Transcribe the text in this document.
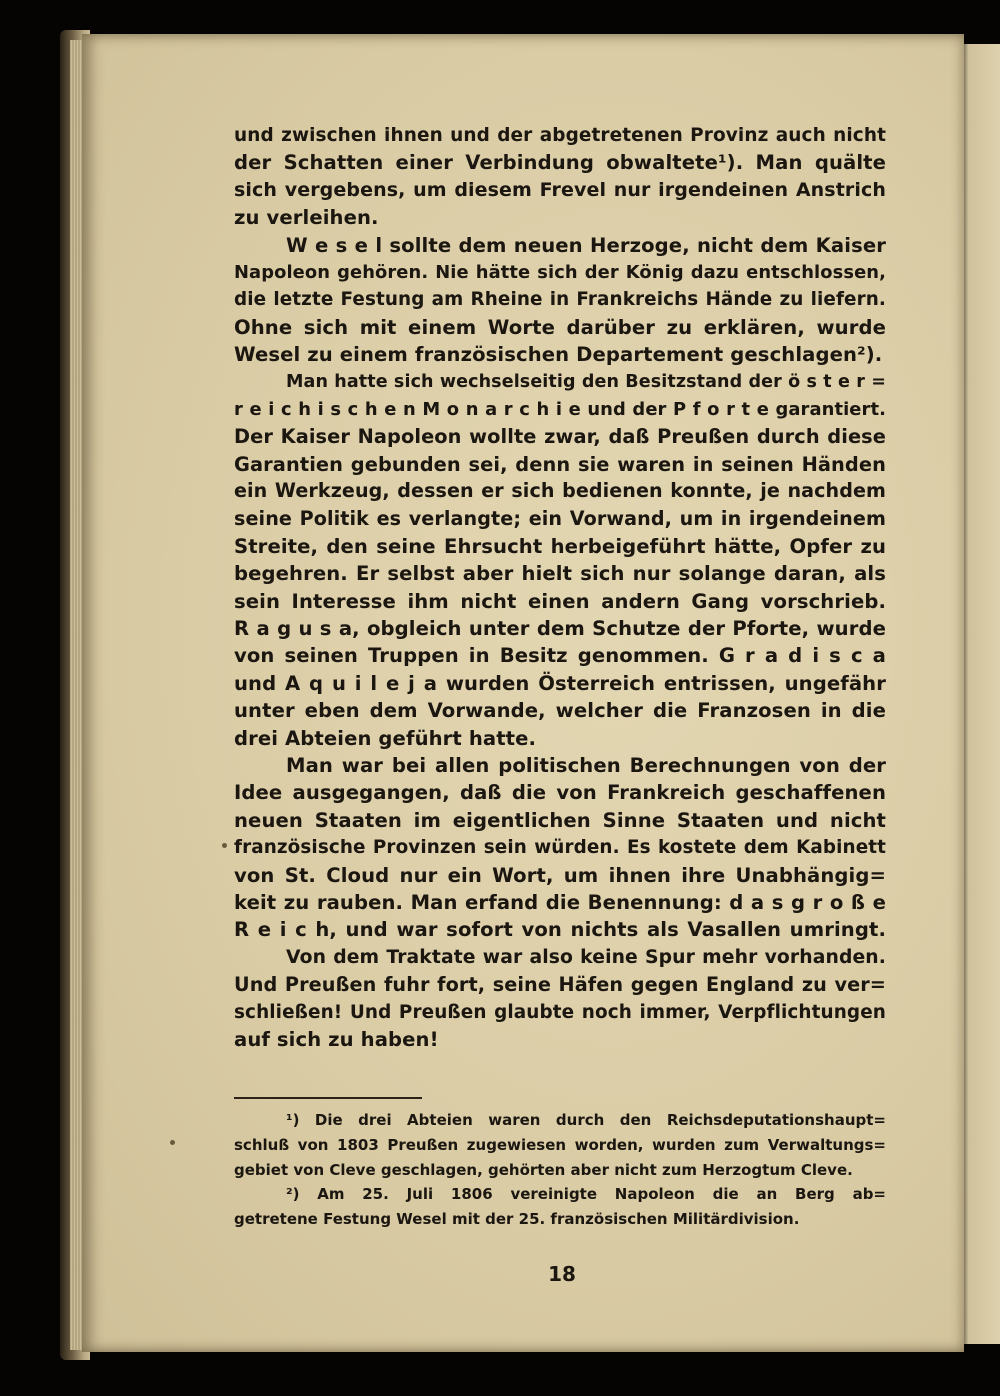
und zwischen ihnen und der abgetretenen Provinz auch nicht
der Schatten einer Verbindung obwaltete¹). Man quälte
sich vergebens, um diesem Frevel nur irgendeinen Anstrich
zu verleihen.
W e s e l sollte dem neuen Herzoge, nicht dem Kaiser
Napoleon gehören. Nie hätte sich der König dazu entschlossen,
die letzte Festung am Rheine in Frankreichs Hände zu liefern.
Ohne sich mit einem Worte darüber zu erklären, wurde
Wesel zu einem französischen Departement geschlagen²).
Man hatte sich wechselseitig den Besitzstand der ö s t e r =
r e i c h i s c h e n M o n a r c h i e und der P f o r t e garantiert.
Der Kaiser Napoleon wollte zwar, daß Preußen durch diese
Garantien gebunden sei, denn sie waren in seinen Händen
ein Werkzeug, dessen er sich bedienen konnte, je nachdem
seine Politik es verlangte; ein Vorwand, um in irgendeinem
Streite, den seine Ehrsucht herbeigeführt hätte, Opfer zu
begehren. Er selbst aber hielt sich nur solange daran, als
sein Interesse ihm nicht einen andern Gang vorschrieb.
R a g u s a, obgleich unter dem Schutze der Pforte, wurde
von seinen Truppen in Besitz genommen. G r a d i s c a
und A q u i l e j a wurden Österreich entrissen, ungefähr
unter eben dem Vorwande, welcher die Franzosen in die
drei Abteien geführt hatte.
Man war bei allen politischen Berechnungen von der
Idee ausgegangen, daß die von Frankreich geschaffenen
neuen Staaten im eigentlichen Sinne Staaten und nicht
französische Provinzen sein würden. Es kostete dem Kabinett
von St. Cloud nur ein Wort, um ihnen ihre Unabhängig=
keit zu rauben. Man erfand die Benennung: d a s g r o ß e
R e i c h, und war sofort von nichts als Vasallen umringt.
Von dem Traktate war also keine Spur mehr vorhanden.
Und Preußen fuhr fort, seine Häfen gegen England zu ver=
schließen! Und Preußen glaubte noch immer, Verpflichtungen
auf sich zu haben!
¹) Die drei Abteien waren durch den Reichsdeputationshaupt=
schluß von 1803 Preußen zugewiesen worden, wurden zum Verwaltungs=
gebiet von Cleve geschlagen, gehörten aber nicht zum Herzogtum Cleve.
²) Am 25. Juli 1806 vereinigte Napoleon die an Berg ab=
getretene Festung Wesel mit der 25. französischen Militärdivision.
18
